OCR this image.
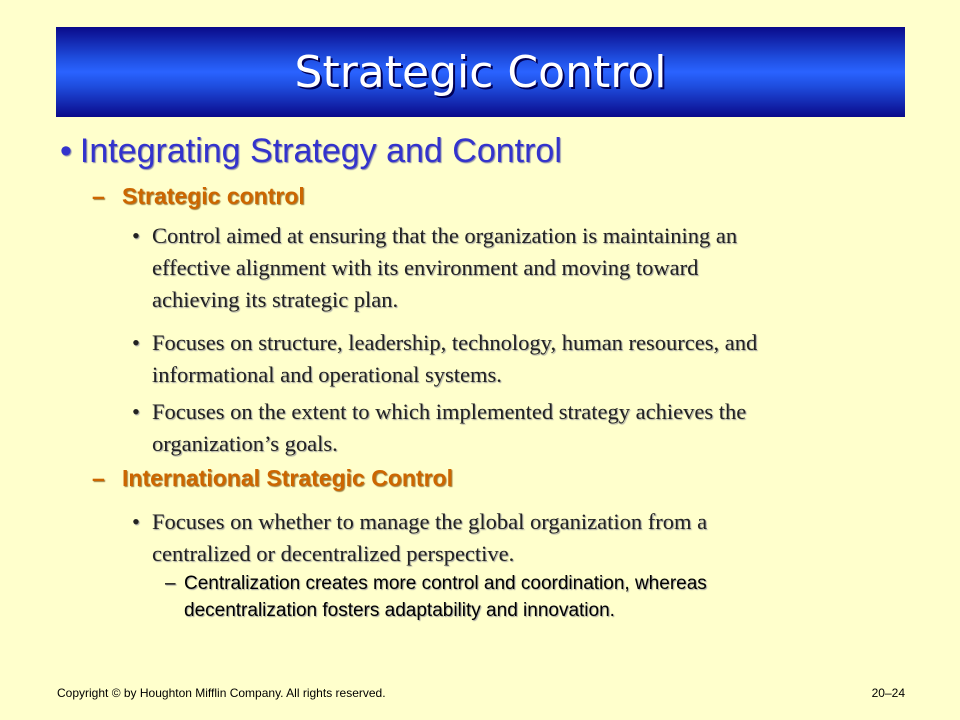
Strategic Control
• Integrating Strategy and Control
– Strategic control
• Control aimed at ensuring that the organization is maintaining an
effective alignment with its environment and moving toward
achieving its strategic plan.
• Focuses on structure, leadership, technology, human resources, and
informational and operational systems.
• Focuses on the extent to which implemented strategy achieves the
organization’s goals.
– International Strategic Control
• Focuses on whether to manage the global organization from a
centralized or decentralized perspective.
– Centralization creates more control and coordination, whereas
decentralization fosters adaptability and innovation.
Copyright © by Houghton Mifflin Company. All rights reserved.	20–24
